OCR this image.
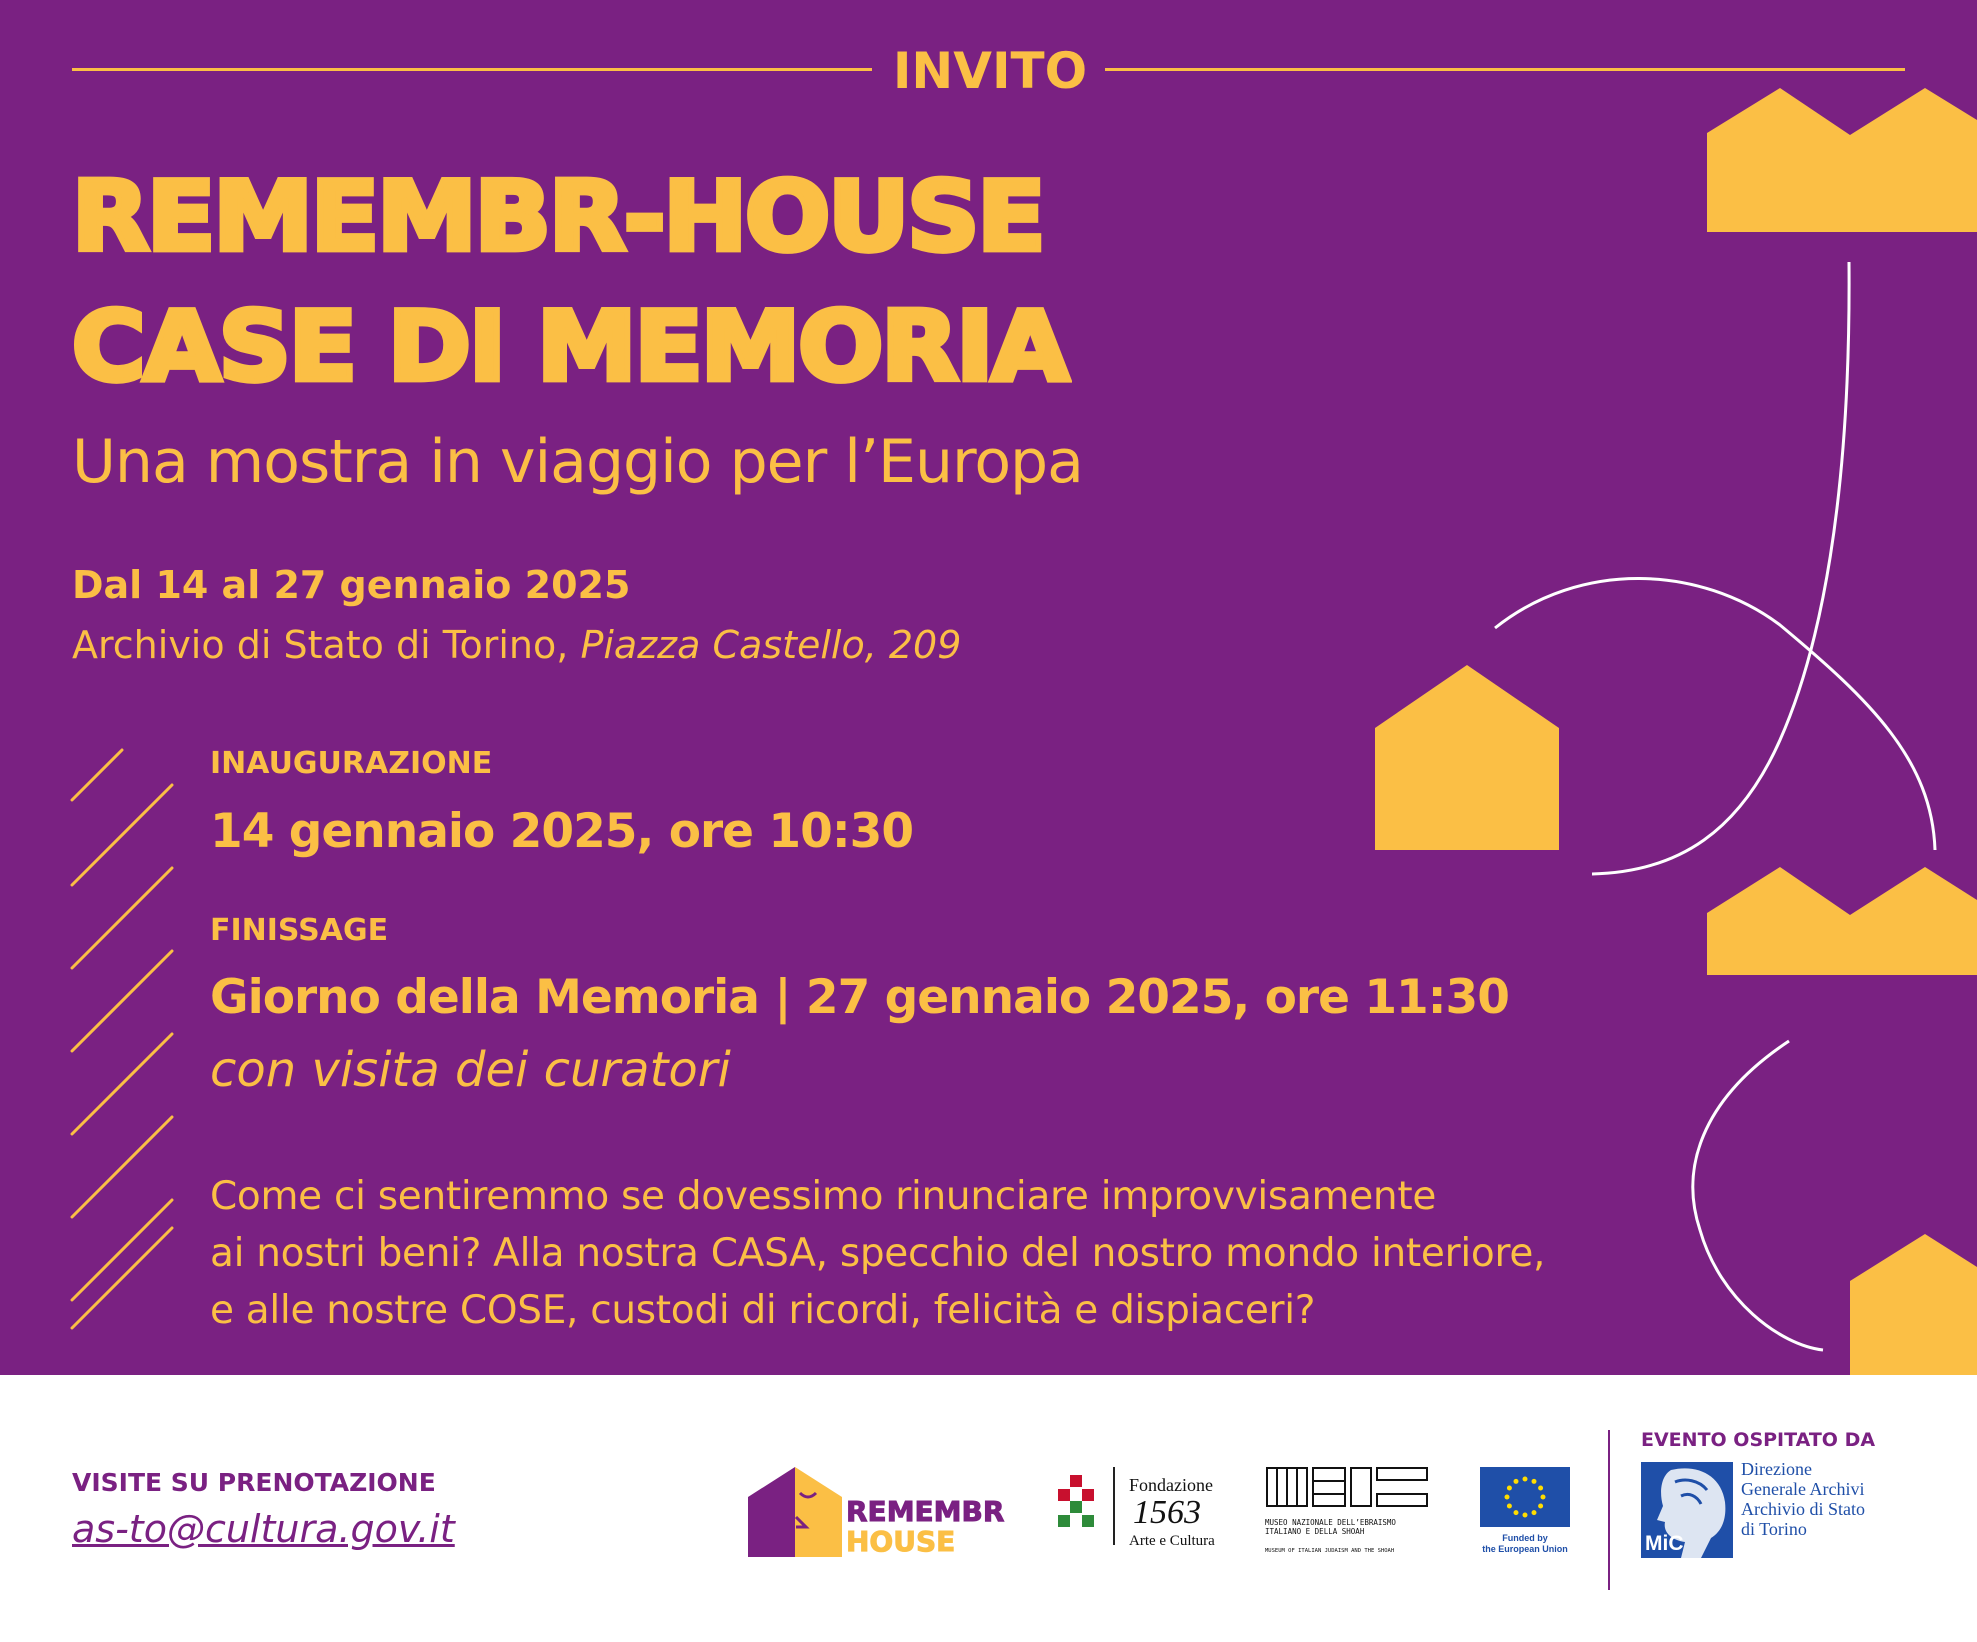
INVITO
REMEMBR-HOUSE
CASE DI MEMORIA
Una mostra in viaggio per l’Europa
Dal 14 al 27 gennaio 2025
Archivio di Stato di Torino, Piazza Castello, 209
INAUGURAZIONE
14 gennaio 2025, ore 10:30
FINISSAGE
Giorno della Memoria | 27 gennaio 2025, ore 11:30
con visita dei curatori
Come ci sentiremmo se dovessimo rinunciare improvvisamente
ai nostri beni? Alla nostra CASA, specchio del nostro mondo interiore,
e alle nostre COSE, custodi di ricordi, felicità e dispiaceri?
VISITE SU PRENOTAZIONE
as-to@cultura.gov.it	REMEMBR
HOUSE
Fondazione
1563
Arte e Cultura
MUSEO NAZIONALE DELL’EBRAISMO
ITALIANO E DELLA SHOAH
MUSEUM OF ITALIAN JUDAISM AND THE SHOAH
Funded by
the European Union
EVENTO OSPITATO DA
MiC
Direzione
Generale Archivi
Archivio di Stato
di Torino
